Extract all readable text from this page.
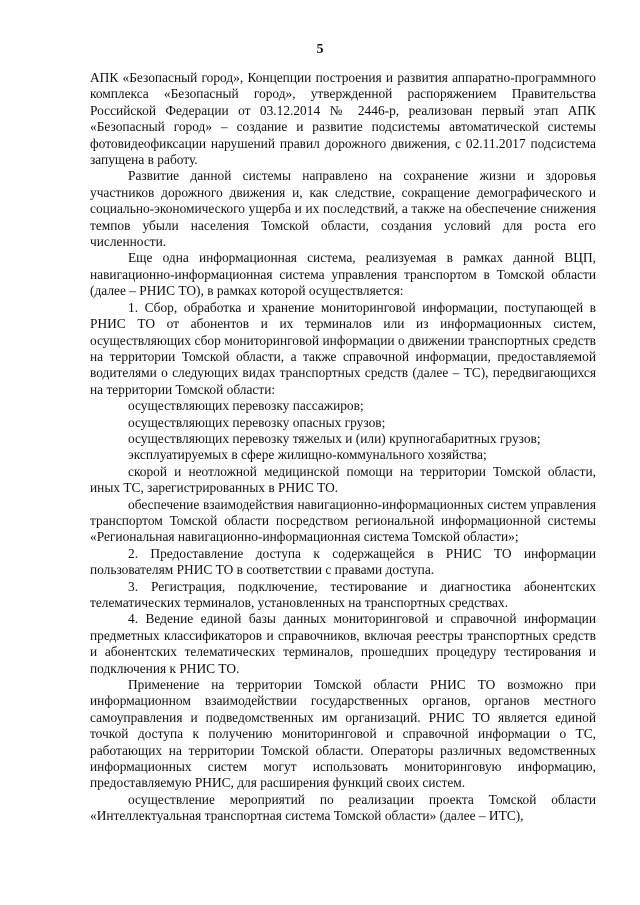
5

АПК «Безопасный город», Концепции построения и развития аппаратно-программного комплекса «Безопасный город», утвержденной распоряжением Правительства Российской Федерации от 03.12.2014 № 2446-р, реализован первый этап АПК «Безопасный город» – создание и развитие подсистемы автоматической системы фотовидеофиксации нарушений правил дорожного движения, с 02.11.2017 подсистема запущена в работу.

Развитие данной системы направлено на сохранение жизни и здоровья участников дорожного движения и, как следствие, сокращение демографического и социально-экономического ущерба и их последствий, а также на обеспечение снижения темпов убыли населения Томской области, создания условий для роста его численности.

Еще одна информационная система, реализуемая в рамках данной ВЦП, навигационно-информационная система управления транспортом в Томской области (далее – РНИС ТО), в рамках которой осуществляется:

1. Сбор, обработка и хранение мониторинговой информации, поступающей в РНИС ТО от абонентов и их терминалов или из информационных систем, осуществляющих сбор мониторинговой информации о движении транспортных средств на территории Томской области, а также справочной информации, предоставляемой водителями о следующих видах транспортных средств (далее – ТС), передвигающихся на территории Томской области:

осуществляющих перевозку пассажиров;

осуществляющих перевозку опасных грузов;

осуществляющих перевозку тяжелых и (или) крупногабаритных грузов;

эксплуатируемых в сфере жилищно-коммунального хозяйства;

скорой и неотложной медицинской помощи на территории Томской области, иных ТС, зарегистрированных в РНИС ТО.

обеспечение взаимодействия навигационно-информационных систем управления транспортом Томской области посредством региональной информационной системы «Региональная навигационно-информационная система Томской области»;

2. Предоставление доступа к содержащейся в РНИС ТО информации пользователям РНИС ТО в соответствии с правами доступа.

3. Регистрация, подключение, тестирование и диагностика абонентских телематических терминалов, установленных на транспортных средствах.

4. Ведение единой базы данных мониторинговой и справочной информации предметных классификаторов и справочников, включая реестры транспортных средств и абонентских телематических терминалов, прошедших процедуру тестирования и подключения к РНИС ТО.

Применение на территории Томской области РНИС ТО возможно при информационном взаимодействии государственных органов, органов местного самоуправления и подведомственных им организаций. РНИС ТО является единой точкой доступа к получению мониторинговой и справочной информации о ТС, работающих на территории Томской области. Операторы различных ведомственных информационных систем могут использовать мониторинговую информацию, предоставляемую РНИС, для расширения функций своих систем.

осуществление мероприятий по реализации проекта Томской области «Интеллектуальная транспортная система Томской области» (далее – ИТС),
